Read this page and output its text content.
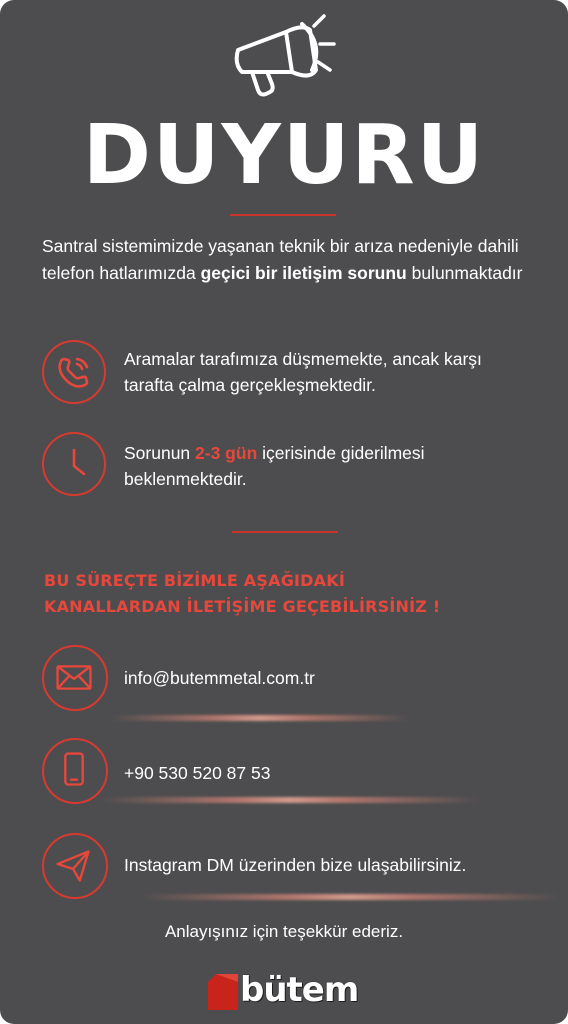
DUYURU
Santral sistemimizde yaşanan teknik bir arıza nedeniyle dahili telefon hatlarımızda geçici bir iletişim sorunu bulunmaktadır
Aramalar tarafımıza düşmemekte, ancak karşı tarafta çalma gerçekleşmektedir.
Sorunun 2-3 gün içerisinde giderilmesi beklenmektedir.
BU SÜREÇTE BİZİMLE AŞAĞIDAKİ
KANALLARDAN İLETİŞİME GEÇEBİLİRSİNİZ !
info@butemmetal.com.tr
+90 530 520 87 53
Instagram DM üzerinden bize ulaşabilirsiniz.
Anlayışınız için teşekkür ederiz.
bütem
